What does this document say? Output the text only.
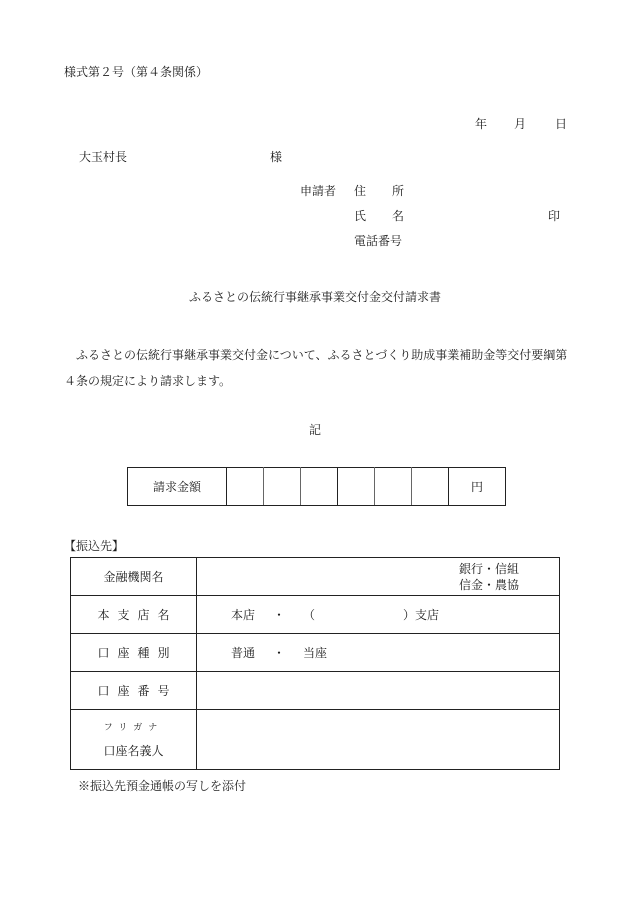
様式第２号（第４条関係）
年 月 日
大玉村長	様
申請者 住 所
氏 名	印
電話番号
ふるさとの伝統行事継承事業交付金交付請求書
ふるさとの伝統行事継承事業交付金について、ふるさとづくり助成事業補助金等交付要綱第４条の規定により請求します。
記
請求金額							円
【振込先】
金融機関名	銀行・信組
信金・農協

本 支 店 名	本店 ・ （ ）支店

口 座 種 別	普通 ・ 当座

口 座 番 号	

フリガナ
口座名義人	
※振込先預金通帳の写しを添付
